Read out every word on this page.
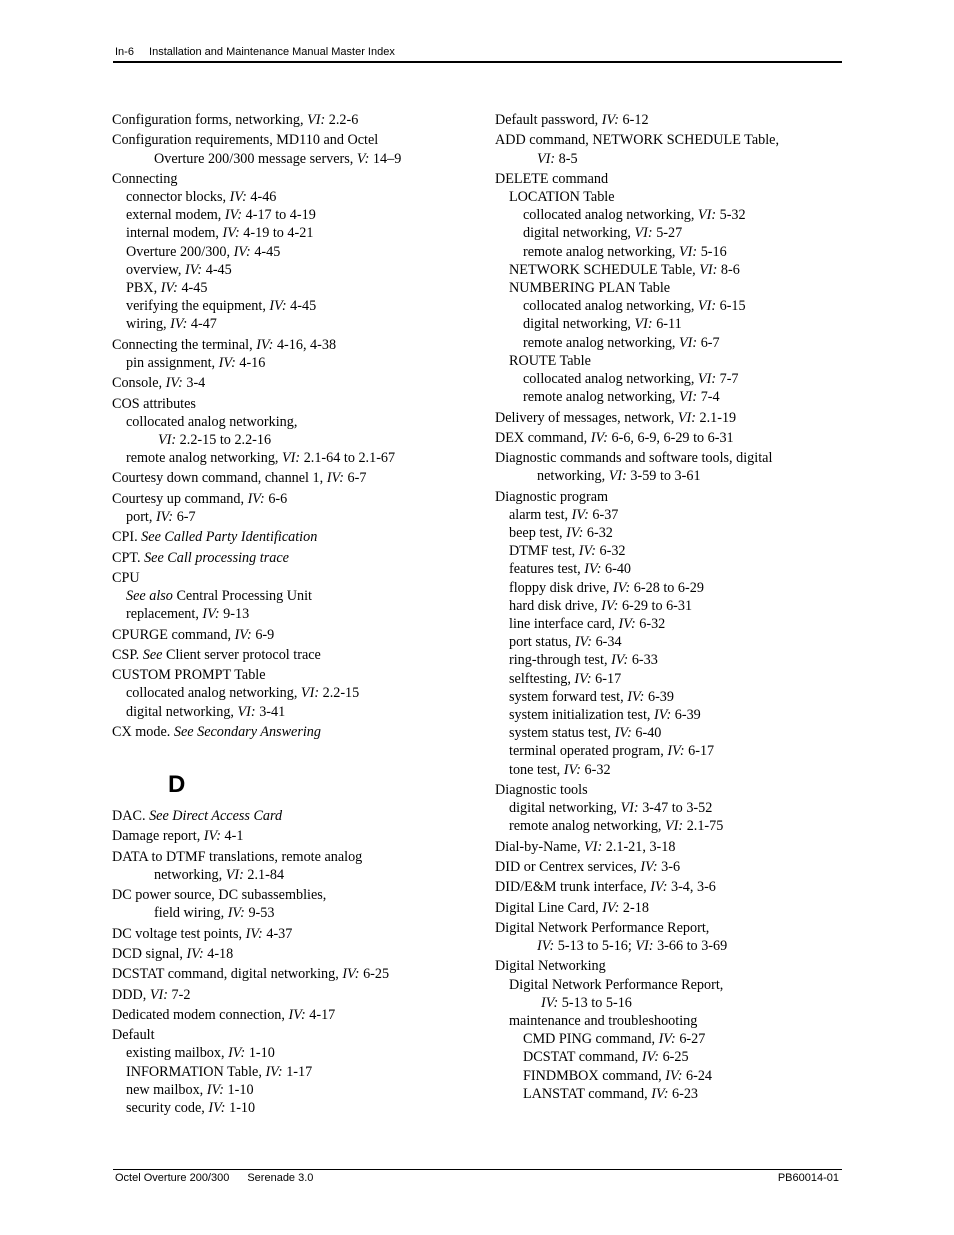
In-6 Installation and Maintenance Manual Master Index
Configuration forms, networking, VI: 2.2-6
Configuration requirements, MD110 and Octel
Overture 200/300 message servers, V: 14–9
Connecting
connector blocks, IV: 4-46
external modem, IV: 4-17 to 4-19
internal modem, IV: 4-19 to 4-21
Overture 200/300, IV: 4-45
overview, IV: 4-45
PBX, IV: 4-45
verifying the equipment, IV: 4-45
wiring, IV: 4-47
Connecting the terminal, IV: 4-16, 4-38
pin assignment, IV: 4-16
Console, IV: 3-4
COS attributes
collocated analog networking,
VI: 2.2-15 to 2.2-16
remote analog networking, VI: 2.1-64 to 2.1-67
Courtesy down command, channel 1, IV: 6-7
Courtesy up command, IV: 6-6
port, IV: 6-7
CPI. See Called Party Identification
CPT. See Call processing trace
CPU
See also Central Processing Unit
replacement, IV: 9-13
CPURGE command, IV: 6-9
CSP. See Client server protocol trace
CUSTOM PROMPT Table
collocated analog networking, VI: 2.2-15
digital networking, VI: 3-41
CX mode. See Secondary Answering
D
DAC. See Direct Access Card
Damage report, IV: 4-1
DATA to DTMF translations, remote analog
networking, VI: 2.1-84
DC power source, DC subassemblies,
field wiring, IV: 9-53
DC voltage test points, IV: 4-37
DCD signal, IV: 4-18
DCSTAT command, digital networking, IV: 6-25
DDD, VI: 7-2
Dedicated modem connection, IV: 4-17
Default
existing mailbox, IV: 1-10
INFORMATION Table, IV: 1-17
new mailbox, IV: 1-10
security code, IV: 1-10
Default password, IV: 6-12
ADD command, NETWORK SCHEDULE Table,
VI: 8-5
DELETE command
LOCATION Table
collocated analog networking, VI: 5-32
digital networking, VI: 5-27
remote analog networking, VI: 5-16
NETWORK SCHEDULE Table, VI: 8-6
NUMBERING PLAN Table
collocated analog networking, VI: 6-15
digital networking, VI: 6-11
remote analog networking, VI: 6-7
ROUTE Table
collocated analog networking, VI: 7-7
remote analog networking, VI: 7-4
Delivery of messages, network, VI: 2.1-19
DEX command, IV: 6-6, 6-9, 6-29 to 6-31
Diagnostic commands and software tools, digital
networking, VI: 3-59 to 3-61
Diagnostic program
alarm test, IV: 6-37
beep test, IV: 6-32
DTMF test, IV: 6-32
features test, IV: 6-40
floppy disk drive, IV: 6-28 to 6-29
hard disk drive, IV: 6-29 to 6-31
line interface card, IV: 6-32
port status, IV: 6-34
ring-through test, IV: 6-33
selftesting, IV: 6-17
system forward test, IV: 6-39
system initialization test, IV: 6-39
system status test, IV: 6-40
terminal operated program, IV: 6-17
tone test, IV: 6-32
Diagnostic tools
digital networking, VI: 3-47 to 3-52
remote analog networking, VI: 2.1-75
Dial-by-Name, VI: 2.1-21, 3-18
DID or Centrex services, IV: 3-6
DID/E&M trunk interface, IV: 3-4, 3-6
Digital Line Card, IV: 2-18
Digital Network Performance Report,
IV: 5-13 to 5-16; VI: 3-66 to 3-69
Digital Networking
Digital Network Performance Report,
IV: 5-13 to 5-16
maintenance and troubleshooting
CMD PING command, IV: 6-27
DCSTAT command, IV: 6-25
FINDMBOX command, IV: 6-24
LANSTAT command, IV: 6-23
Octel Overture 200/300 Serenade 3.0	PB60014-01
